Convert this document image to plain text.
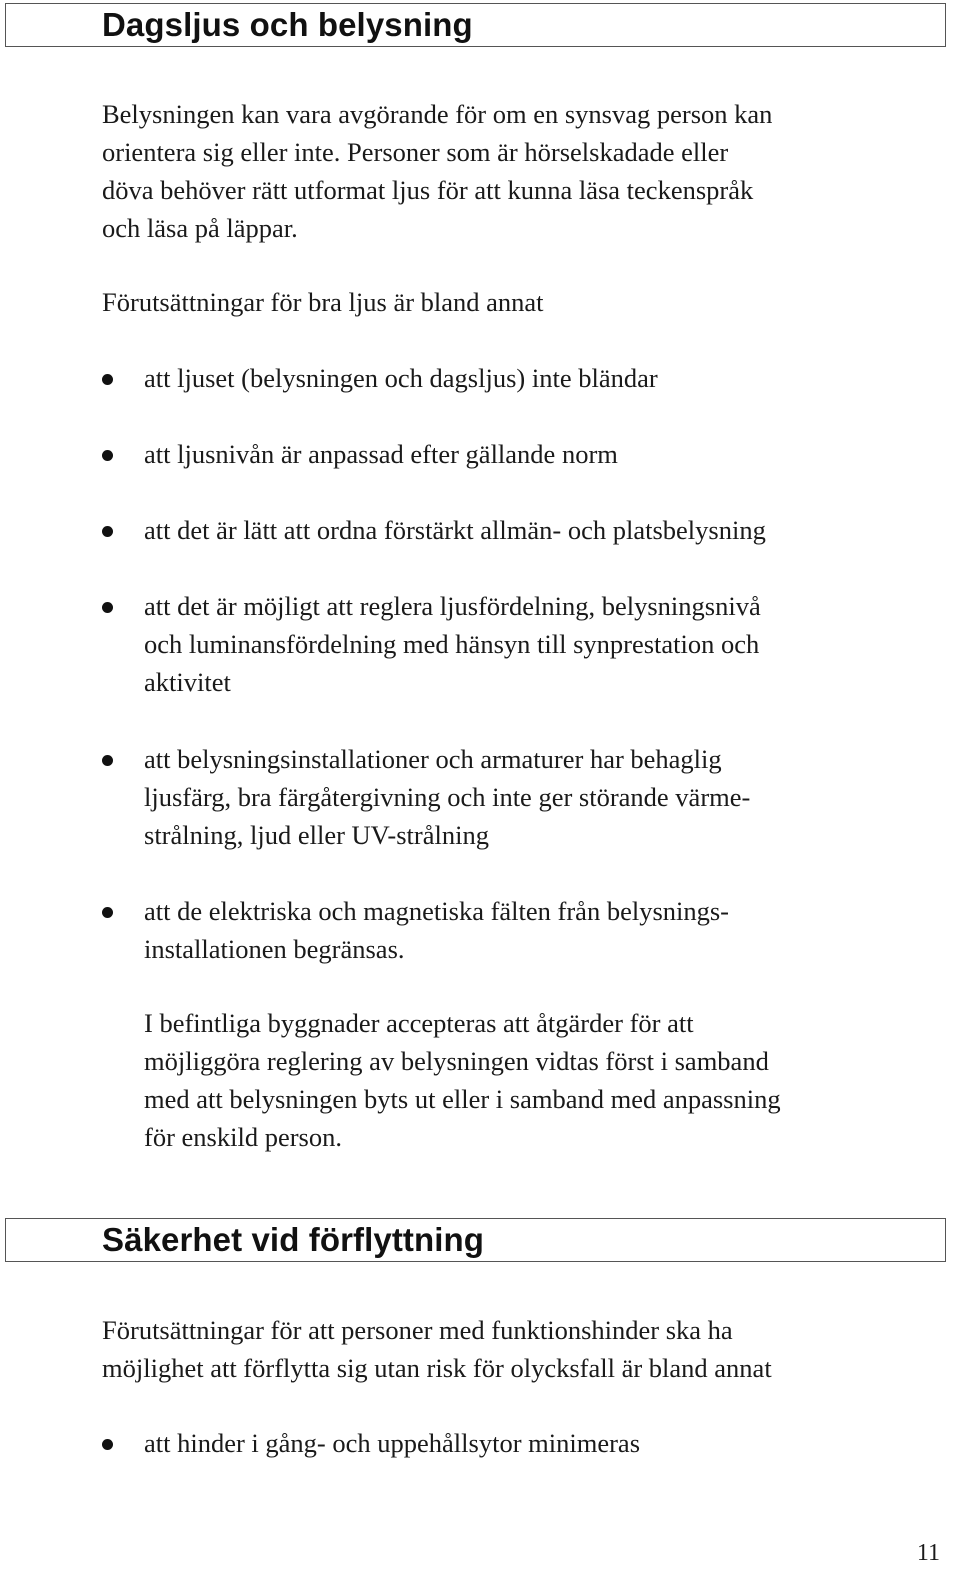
Dagsljus och belysning

Belysningen kan vara avgörande för om en synsvag person kan
orientera sig eller inte. Personer som är hörselskadade eller
döva behöver rätt utformat ljus för att kunna läsa teckenspråk
och läsa på läppar.

Förutsättningar för bra ljus är bland annat

att ljuset (belysningen och dagsljus) inte bländar

att ljusnivån är anpassad efter gällande norm

att det är lätt att ordna förstärkt allmän- och platsbelysning

att det är möjligt att reglera ljusfördelning, belysningsnivå
och luminansfördelning med hänsyn till synprestation och
aktivitet

att belysningsinstallationer och armaturer har behaglig
ljusfärg, bra färgåtergivning och inte ger störande värme-
strålning, ljud eller UV-strålning

att de elektriska och magnetiska fälten från belysnings-
installationen begränsas.

I befintliga byggnader accepteras att åtgärder för att
möjliggöra reglering av belysningen vidtas först i samband
med att belysningen byts ut eller i samband med anpassning
för enskild person.

Säkerhet vid förflyttning

Förutsättningar för att personer med funktionshinder ska ha
möjlighet att förflytta sig utan risk för olycksfall är bland annat

att hinder i gång- och uppehållsytor minimeras

11
